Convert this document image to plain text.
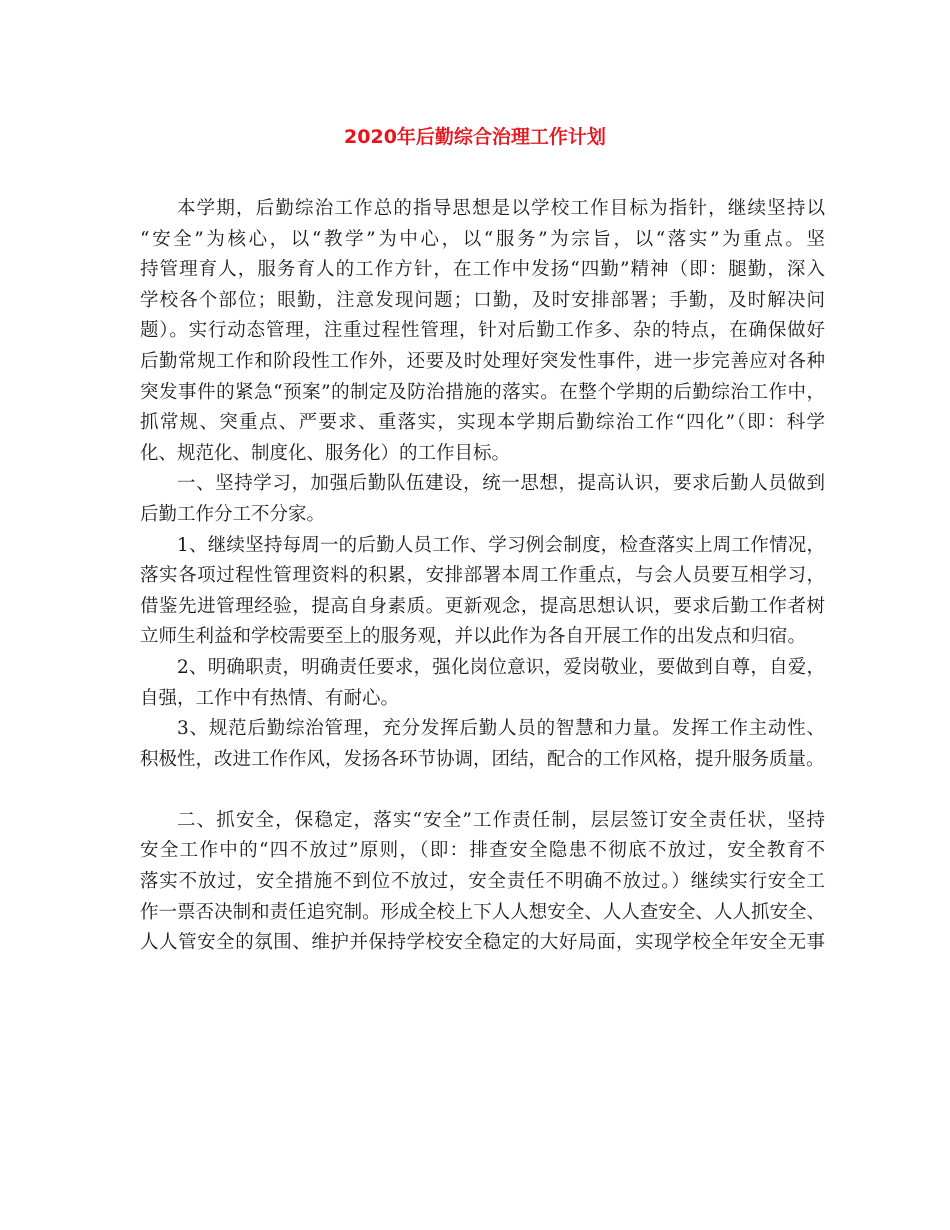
2020年后勤综合治理工作计划

本学期，后勤综治工作总的指导思想是以学校工作目标为指针，继续坚持以

“安全”为核心，以“教学”为中心，以“服务”为宗旨，以“落实”为重点。坚

持管理育人，服务育人的工作方针，在工作中发扬“四勤”精神（即：腿勤，深入

学校各个部位；眼勤，注意发现问题；口勤，及时安排部署；手勤，及时解决问

题）。实行动态管理，注重过程性管理，针对后勤工作多、杂的特点，在确保做好

后勤常规工作和阶段性工作外，还要及时处理好突发性事件，进一步完善应对各种

突发事件的紧急“预案”的制定及防治措施的落实。在整个学期的后勤综治工作中，

抓常规、突重点、严要求、重落实，实现本学期后勤综治工作“四化”（即：科学

化、规范化、制度化、服务化）的工作目标。

一、坚持学习，加强后勤队伍建设，统一思想，提高认识，要求后勤人员做到

后勤工作分工不分家。

1、继续坚持每周一的后勤人员工作、学习例会制度，检查落实上周工作情况，

落实各项过程性管理资料的积累，安排部署本周工作重点，与会人员要互相学习，

借鉴先进管理经验，提高自身素质。更新观念，提高思想认识，要求后勤工作者树

立师生利益和学校需要至上的服务观，并以此作为各自开展工作的出发点和归宿。

2、明确职责，明确责任要求，强化岗位意识，爱岗敬业，要做到自尊，自爱，

自强，工作中有热情、有耐心。

3、规范后勤综治管理，充分发挥后勤人员的智慧和力量。发挥工作主动性、

积极性，改进工作作风，发扬各环节协调，团结，配合的工作风格，提升服务质量。

二、抓安全，保稳定，落实“安全”工作责任制，层层签订安全责任状，坚持

安全工作中的“四不放过”原则，（即：排查安全隐患不彻底不放过，安全教育不

落实不放过，安全措施不到位不放过，安全责任不明确不放过。）继续实行安全工

作一票否决制和责任追究制。形成全校上下人人想安全、人人查安全、人人抓安全、

人人管安全的氛围、维护并保持学校安全稳定的大好局面，实现学校全年安全无事
